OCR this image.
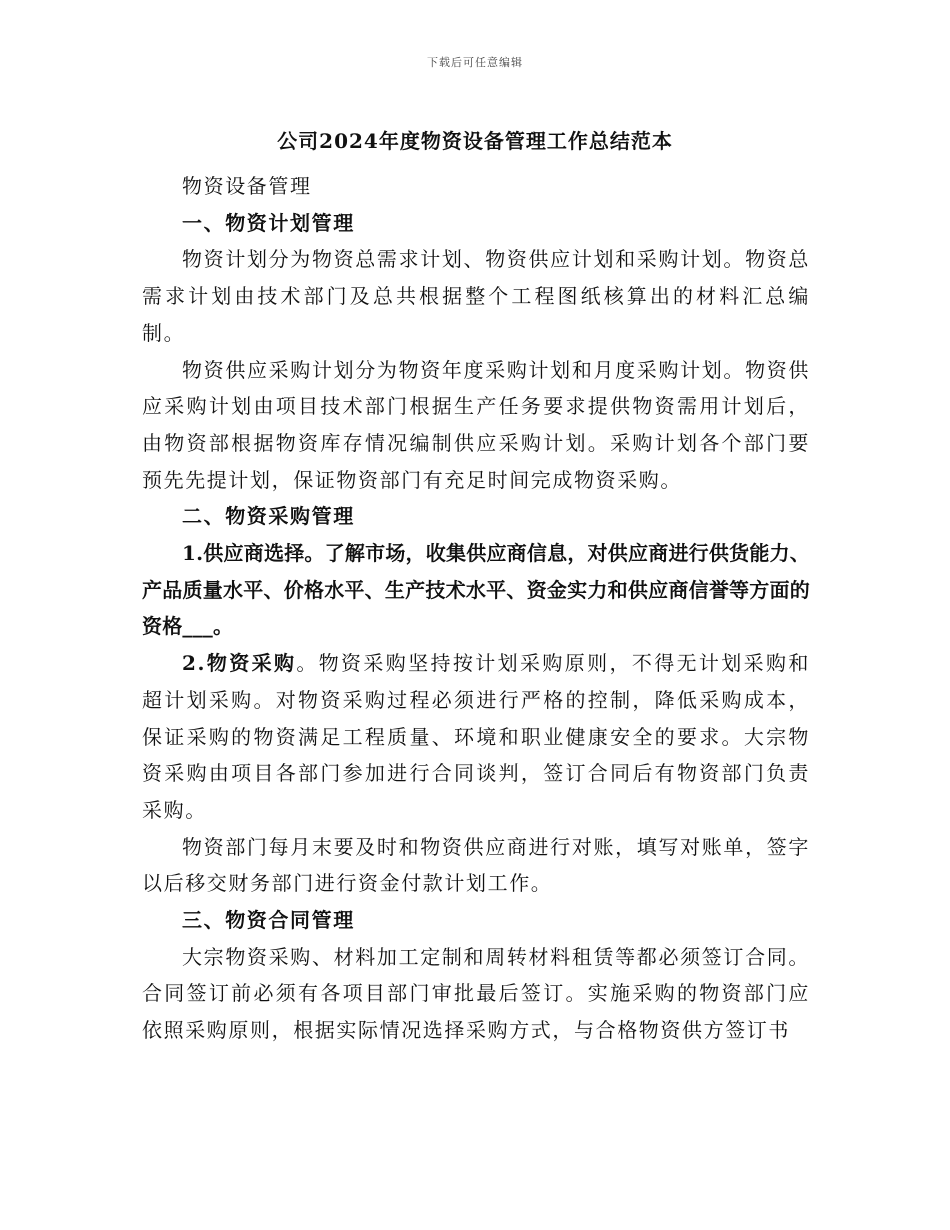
下载后可任意编辑
公司2024年度物资设备管理工作总结范本

物资设备管理

一、物资计划管理

物资计划分为物资总需求计划、物资供应计划和采购计划。物资总需求计划由技术部门及总共根据整个工程图纸核算出的材料汇总编制。

物资供应采购计划分为物资年度采购计划和月度采购计划。物资供应采购计划由项目技术部门根据生产任务要求提供物资需用计划后，由物资部根据物资库存情况编制供应采购计划。采购计划各个部门要预先先提计划，保证物资部门有充足时间完成物资采购。

二、物资采购管理

1.供应商选择。了解市场，收集供应商信息，对供应商进行供货能力、产品质量水平、价格水平、生产技术水平、资金实力和供应商信誉等方面的资格___。

2.物资采购。物资采购坚持按计划采购原则，不得无计划采购和超计划采购。对物资采购过程必须进行严格的控制，降低采购成本，保证采购的物资满足工程质量、环境和职业健康安全的要求。大宗物资采购由项目各部门参加进行合同谈判，签订合同后有物资部门负责采购。

物资部门每月末要及时和物资供应商进行对账，填写对账单，签字以后移交财务部门进行资金付款计划工作。

三、物资合同管理

大宗物资采购、材料加工定制和周转材料租赁等都必须签订合同。合同签订前必须有各项目部门审批最后签订。实施采购的物资部门应依照采购原则，根据实际情况选择采购方式，与合格物资供方签订书
